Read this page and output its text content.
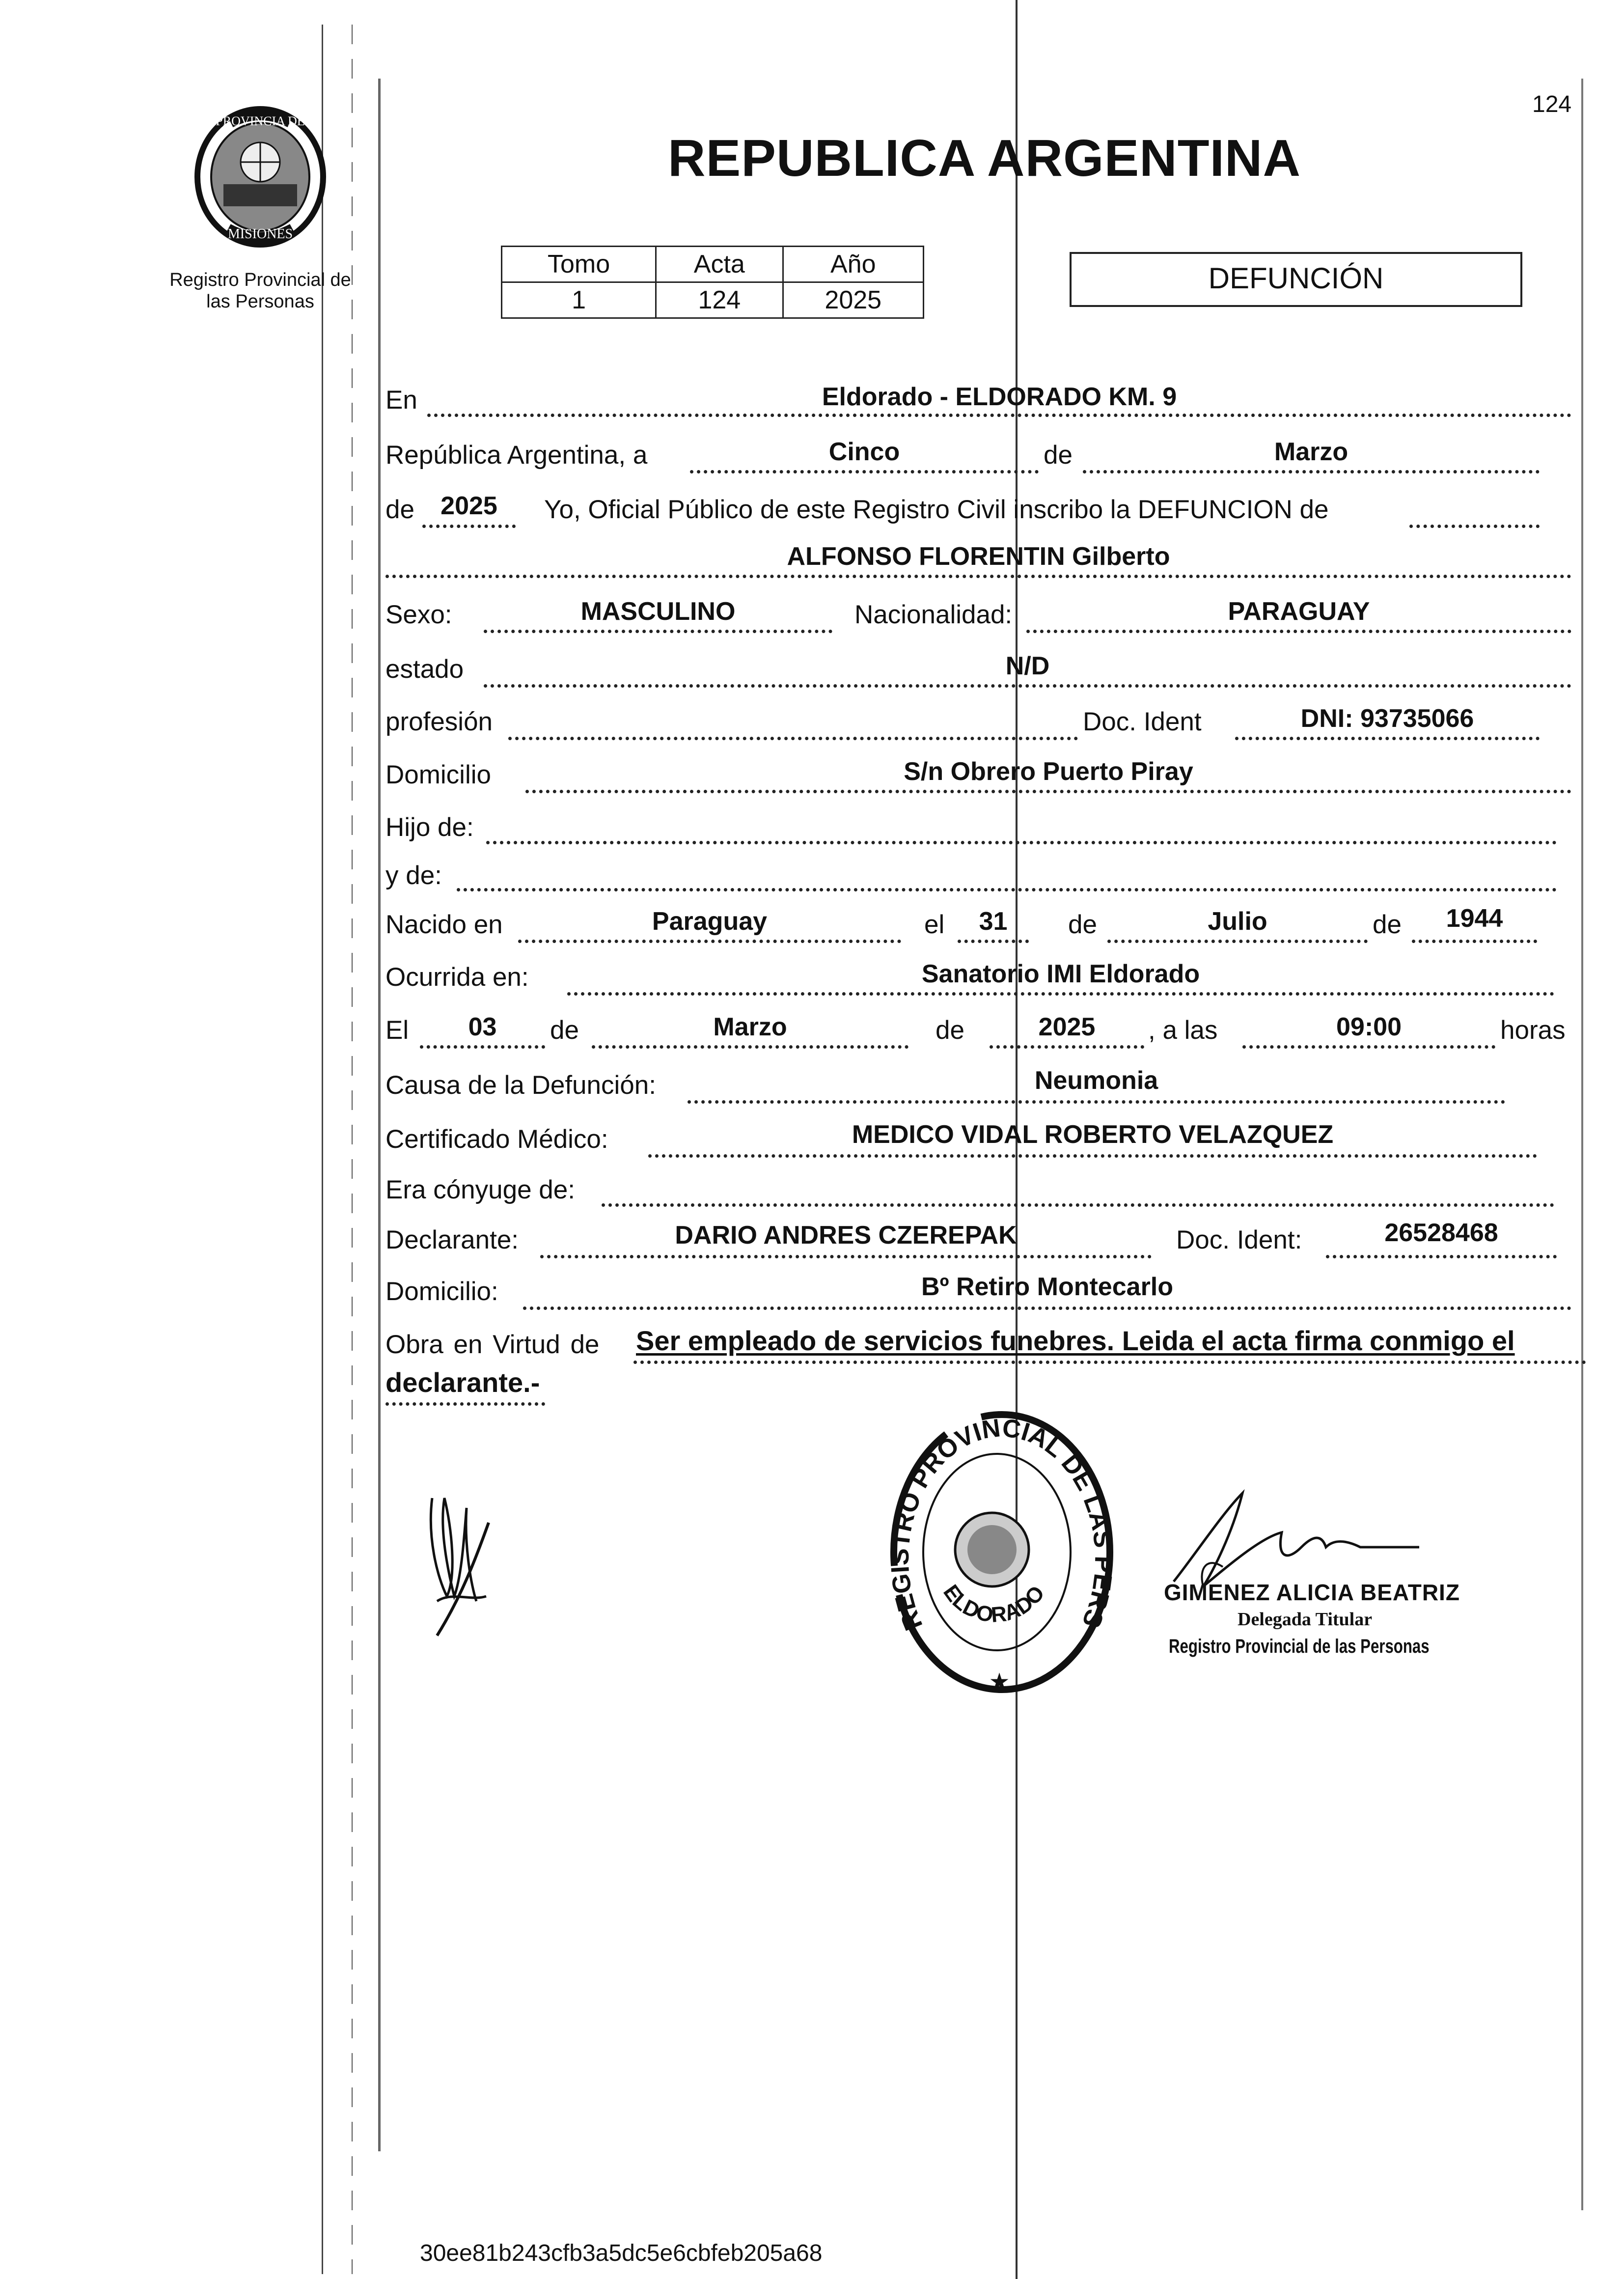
124
PROVINCIA DE
MISIONES
Registro Provincial de
las Personas
REPUBLICA ARGENTINA
Tomo	Acta	Año
1	124	2025
DEFUNCIÓN
En	Eldorado - ELDORADO KM. 9
República Argentina, a	Cinco	de	Marzo
de	2025	Yo, Oficial Público de este Registro Civil inscribo la DEFUNCION de
ALFONSO FLORENTIN Gilberto
Sexo:	MASCULINO	Nacionalidad:	PARAGUAY
estado	N/D
profesión	Doc. Ident	DNI: 93735066
Domicilio	S/n Obrero Puerto Piray
Hijo de:
y de:
Nacido en	Paraguay	el	31	de	Julio	de	1944
Ocurrida en:	Sanatorio IMI Eldorado
El	03	de	Marzo	de	2025	, a las	09:00	horas
Causa de la Defunción:	Neumonia
Certificado Médico:	MEDICO VIDAL ROBERTO VELAZQUEZ
Era cónyuge de:
Declarante:	DARIO ANDRES CZEREPAK	Doc. Ident:	26528468
Domicilio:	Bº Retiro Montecarlo
Obra en Virtud de Ser empleado de servicios funebres. Leida el acta firma conmigo el
declarante.-
REGISTRO PROVINCIAL DE LAS PERS
ELDORADO
★
GIMENEZ ALICIA BEATRIZ
Delegada Titular
Registro Provincial de las Personas
30ee81b243cfb3a5dc5e6cbfeb205a68
